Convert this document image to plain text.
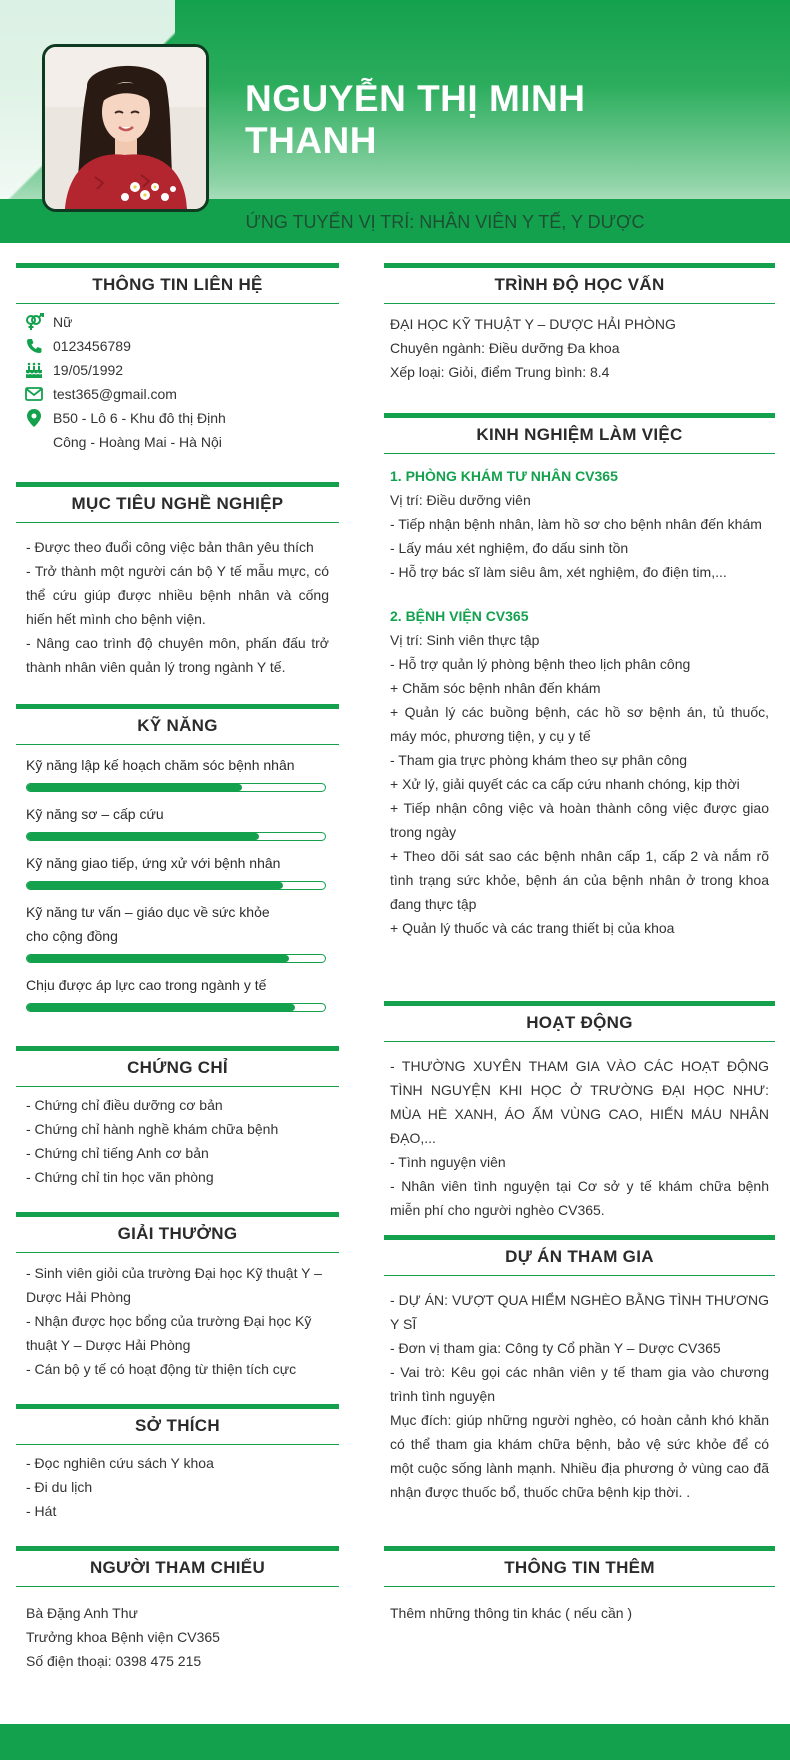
NGUYỄN THỊ MINH
THANH
ỨNG TUYỂN VỊ TRÍ: NHÂN VIÊN Y TẾ, Y DƯỢC
THÔNG TIN LIÊN HỆ
Nữ
0123456789
19/05/1992
test365@gmail.com
B50 - Lô 6 - Khu đô thị Định
Công - Hoàng Mai - Hà Nội
MỤC TIÊU NGHỀ NGHIỆP
- Được theo đuổi công việc bản thân yêu thích
- Trở thành một người cán bộ Y tế mẫu mực, có thể cứu giúp được nhiều bệnh nhân và cống hiến hết mình cho bệnh viện.
- Nâng cao trình độ chuyên môn, phấn đấu trở thành nhân viên quản lý trong ngành Y tế.
KỸ NĂNG
Kỹ năng lập kế hoạch chăm sóc bệnh nhân
Kỹ năng sơ – cấp cứu
Kỹ năng giao tiếp, ứng xử với bệnh nhân
Kỹ năng tư vấn – giáo dục về sức khỏe cho cộng đồng
Chịu được áp lực cao trong ngành y tế
CHỨNG CHỈ
- Chứng chỉ điều dưỡng cơ bản
- Chứng chỉ hành nghề khám chữa bệnh
- Chứng chỉ tiếng Anh cơ bản
- Chứng chỉ tin học văn phòng
GIẢI THƯỞNG
- Sinh viên giỏi của trường Đại học Kỹ thuật Y – Dược Hải Phòng
- Nhận được học bổng của trường Đại học Kỹ thuật Y – Dược Hải Phòng
- Cán bộ y tế có hoạt động từ thiện tích cực
SỞ THÍCH
- Đọc nghiên cứu sách Y khoa
- Đi du lịch
- Hát
NGƯỜI THAM CHIẾU
Bà Đặng Anh Thư
Trưởng khoa Bệnh viện CV365
Số điện thoại: 0398 475 215
TRÌNH ĐỘ HỌC VẤN
ĐẠI HỌC KỸ THUẬT Y – DƯỢC HẢI PHÒNG
Chuyên ngành: Điều dưỡng Đa khoa
Xếp loại: Giỏi, điểm Trung bình: 8.4
KINH NGHIỆM LÀM VIỆC
1. PHÒNG KHÁM TƯ NHÂN CV365
Vị trí: Điều dưỡng viên
- Tiếp nhận bệnh nhân, làm hồ sơ cho bệnh nhân đến khám
- Lấy máu xét nghiệm, đo dấu sinh tồn
- Hỗ trợ bác sĩ làm siêu âm, xét nghiệm, đo điện tim,...
2. BỆNH VIỆN CV365
Vị trí: Sinh viên thực tập
- Hỗ trợ quản lý phòng bệnh theo lịch phân công
+ Chăm sóc bệnh nhân đến khám
+ Quản lý các buồng bệnh, các hồ sơ bệnh án, tủ thuốc, máy móc, phương tiện, y cụ y tế
- Tham gia trực phòng khám theo sự phân công
+ Xử lý, giải quyết các ca cấp cứu nhanh chóng, kịp thời
+ Tiếp nhận công việc và hoàn thành công việc được giao trong ngày
+ Theo dõi sát sao các bệnh nhân cấp 1, cấp 2 và nắm rõ tình trạng sức khỏe, bệnh án của bệnh nhân ở trong khoa đang thực tập
+ Quản lý thuốc và các trang thiết bị của khoa
HOẠT ĐỘNG
- THƯỜNG XUYÊN THAM GIA VÀO CÁC HOẠT ĐỘNG TÌNH NGUYỆN KHI HỌC Ở TRƯỜNG ĐẠI HỌC NHƯ: MÙA HÈ XANH, ÁO ẤM VÙNG CAO, HIẾN MÁU NHÂN ĐẠO,...
- Tình nguyện viên
- Nhân viên tình nguyện tại Cơ sở y tế khám chữa bệnh miễn phí cho người nghèo CV365.
DỰ ÁN THAM GIA
- DỰ ÁN: VƯỢT QUA HIỂM NGHÈO BẰNG TÌNH THƯƠNG Y SĨ
- Đơn vị tham gia: Công ty Cổ phần Y – Dược CV365
- Vai trò: Kêu gọi các nhân viên y tế tham gia vào chương trình tình nguyện
Mục đích: giúp những người nghèo, có hoàn cảnh khó khăn có thể tham gia khám chữa bệnh, bảo vệ sức khỏe để có một cuộc sống lành mạnh. Nhiều địa phương ở vùng cao đã nhận được thuốc bổ, thuốc chữa bệnh kịp thời. .
THÔNG TIN THÊM
Thêm những thông tin khác ( nếu cần )
